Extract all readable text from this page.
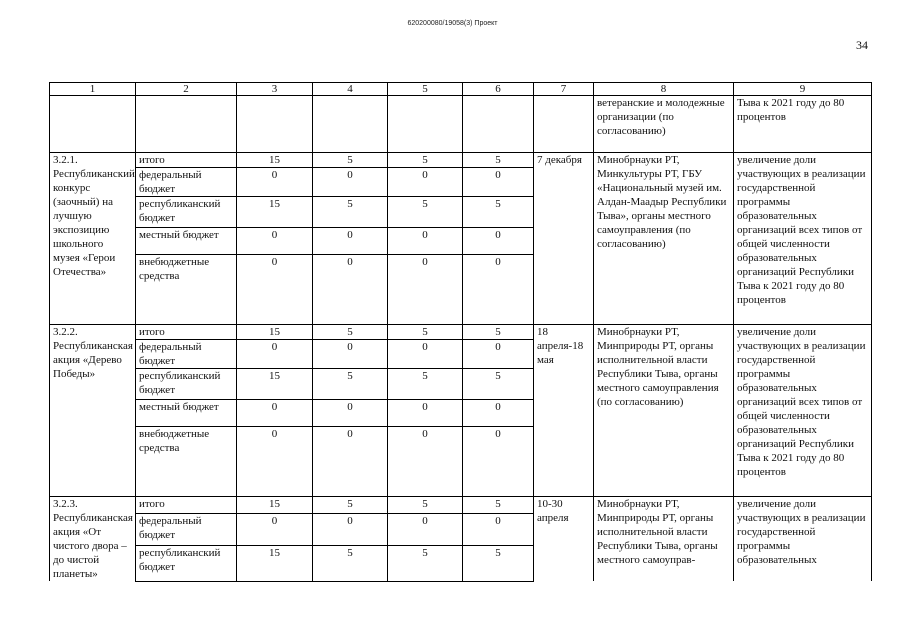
620200080/19058(3) Проект
34
1	2	3	4	5	6	7	8	9
							ветеранские и молодежные организации (по согласованию)	Тыва к 2021 году до 80 процентов
3.2.1. Республиканский конкурс (заочный) на лучшую экспозицию школьного музея «Герои Отечества»	итого	15	5	5	5	7 декабря	Минобрнауки РТ, Минкультуры РТ, ГБУ «Национальный музей им. Алдан-Маадыр Республики Тыва», органы местного самоуправления (по согласованию)	увеличение доли участвующих в реализации государственной программы образовательных организаций всех типов от общей численности образовательных организаций Республики Тыва к 2021 году до 80 процентов
	федеральный бюджет	0	0	0	0			
	республиканский бюджет	15	5	5	5			
	местный бюджет	0	0	0	0			
	внебюджетные средства	0	0	0	0			
3.2.2. Республиканская акция «Дерево Победы»	итого	15	5	5	5	18 апреля-18 мая	Минобрнауки РТ, Минприроды РТ, органы исполнительной власти Республики Тыва, органы местного самоуправления (по согласованию)	увеличение доли участвующих в реализации государственной программы образовательных организаций всех типов от общей численности образовательных организаций Республики Тыва к 2021 году до 80 процентов
	федеральный бюджет	0	0	0	0			
	республиканский бюджет	15	5	5	5			
	местный бюджет	0	0	0	0			
	внебюджетные средства	0	0	0	0			
3.2.3. Республиканская акция «От чистого двора – до чистой планеты»	итого	15	5	5	5	10-30 апреля	Минобрнауки РТ, Минприроды РТ, органы исполнительной власти Республики Тыва, органы местного самоуправ-	увеличение доли участвующих в реализации государственной программы образовательных
	федеральный бюджет	0	0	0	0			
	республиканский бюджет	15	5	5	5			
